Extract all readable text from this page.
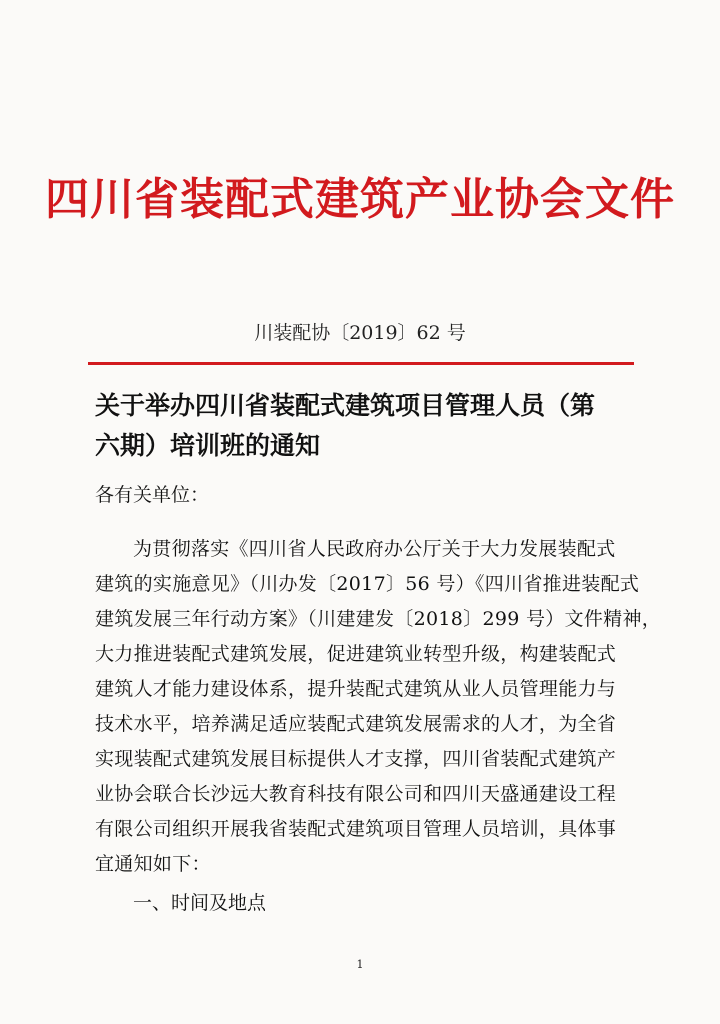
四川省装配式建筑产业协会文件
川装配协〔2019〕62 号
关于举办四川省装配式建筑项目管理人员（第
六期）培训班的通知
各有关单位：
为贯彻落实《四川省人民政府办公厅关于大力发展装配式
建筑的实施意见》（川办发〔2017〕56 号）《四川省推进装配式
建筑发展三年行动方案》（川建建发〔2018〕299 号）文件精神，
大力推进装配式建筑发展，促进建筑业转型升级，构建装配式
建筑人才能力建设体系，提升装配式建筑从业人员管理能力与
技术水平，培养满足适应装配式建筑发展需求的人才，为全省
实现装配式建筑发展目标提供人才支撑，四川省装配式建筑产
业协会联合长沙远大教育科技有限公司和四川天盛通建设工程
有限公司组织开展我省装配式建筑项目管理人员培训，具体事
宜通知如下：
一、时间及地点
1
